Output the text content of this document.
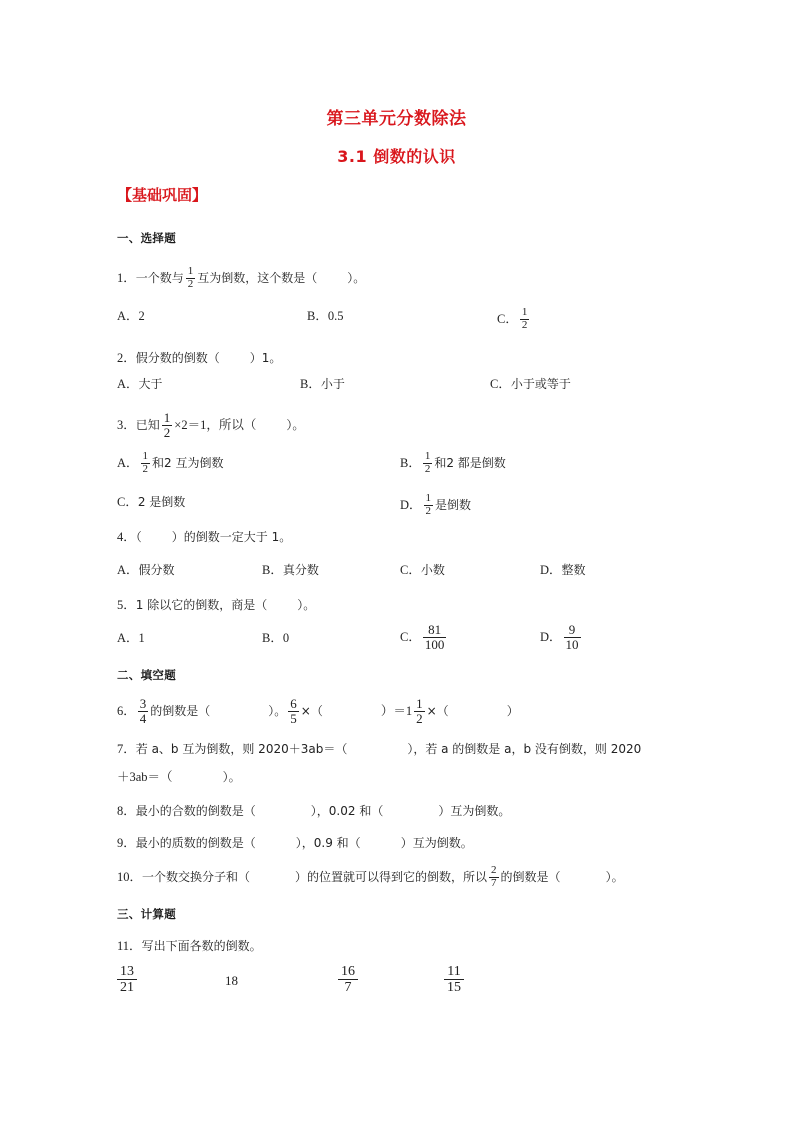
第三单元分数除法
3.1 倒数的认识
【基础巩固】
一、选择题
1．一个数与 $\frac{1}{2}$ 互为倒数，这个数是（	）。
A．2	B．0.5	C． $\frac{1}{2}$
2．假分数的倒数（	）1。
A．大于	B．小于	C．小于或等于
3．已知 $\frac{1}{2} \times 2=1$，所以（	）。
A． $\frac{1}{2}$ 和2 互为倒数	B． $\frac{1}{2}$ 和2 都是倒数
C．2 是倒数	D． $\frac{1}{2}$ 是倒数
4．（	）的倒数一定大于 1。
A．假分数	B．真分数	C．小数	D．整数
5．1 除以它的倒数，商是（	）。
A．1	B．0	C． $\frac{81}{100}$	D． $\frac{9}{10}$
二、填空题
6． $\frac{3}{4}$ 的倒数是（	）。 $\frac{6}{5}$ ×（	）$=1 \frac{1}{2}$ ×（	）
7．若 a、b 互为倒数，则 2020＋3ab＝（	），若 a 的倒数是 a，b 没有倒数，则 2020
＋3ab＝（	）。
8．最小的合数的倒数是（	），0.02 和（	）互为倒数。
9．最小的质数的倒数是（	），0.9 和（	）互为倒数。
10．一个数交换分子和（	）的位置就可以得到它的倒数，所以 $\frac{2}{7}$ 的倒数是（	）。
三、计算题
11．写出下面各数的倒数。
$\frac{13}{21}$	18	$\frac{16}{7}$	$\frac{11}{15}$
